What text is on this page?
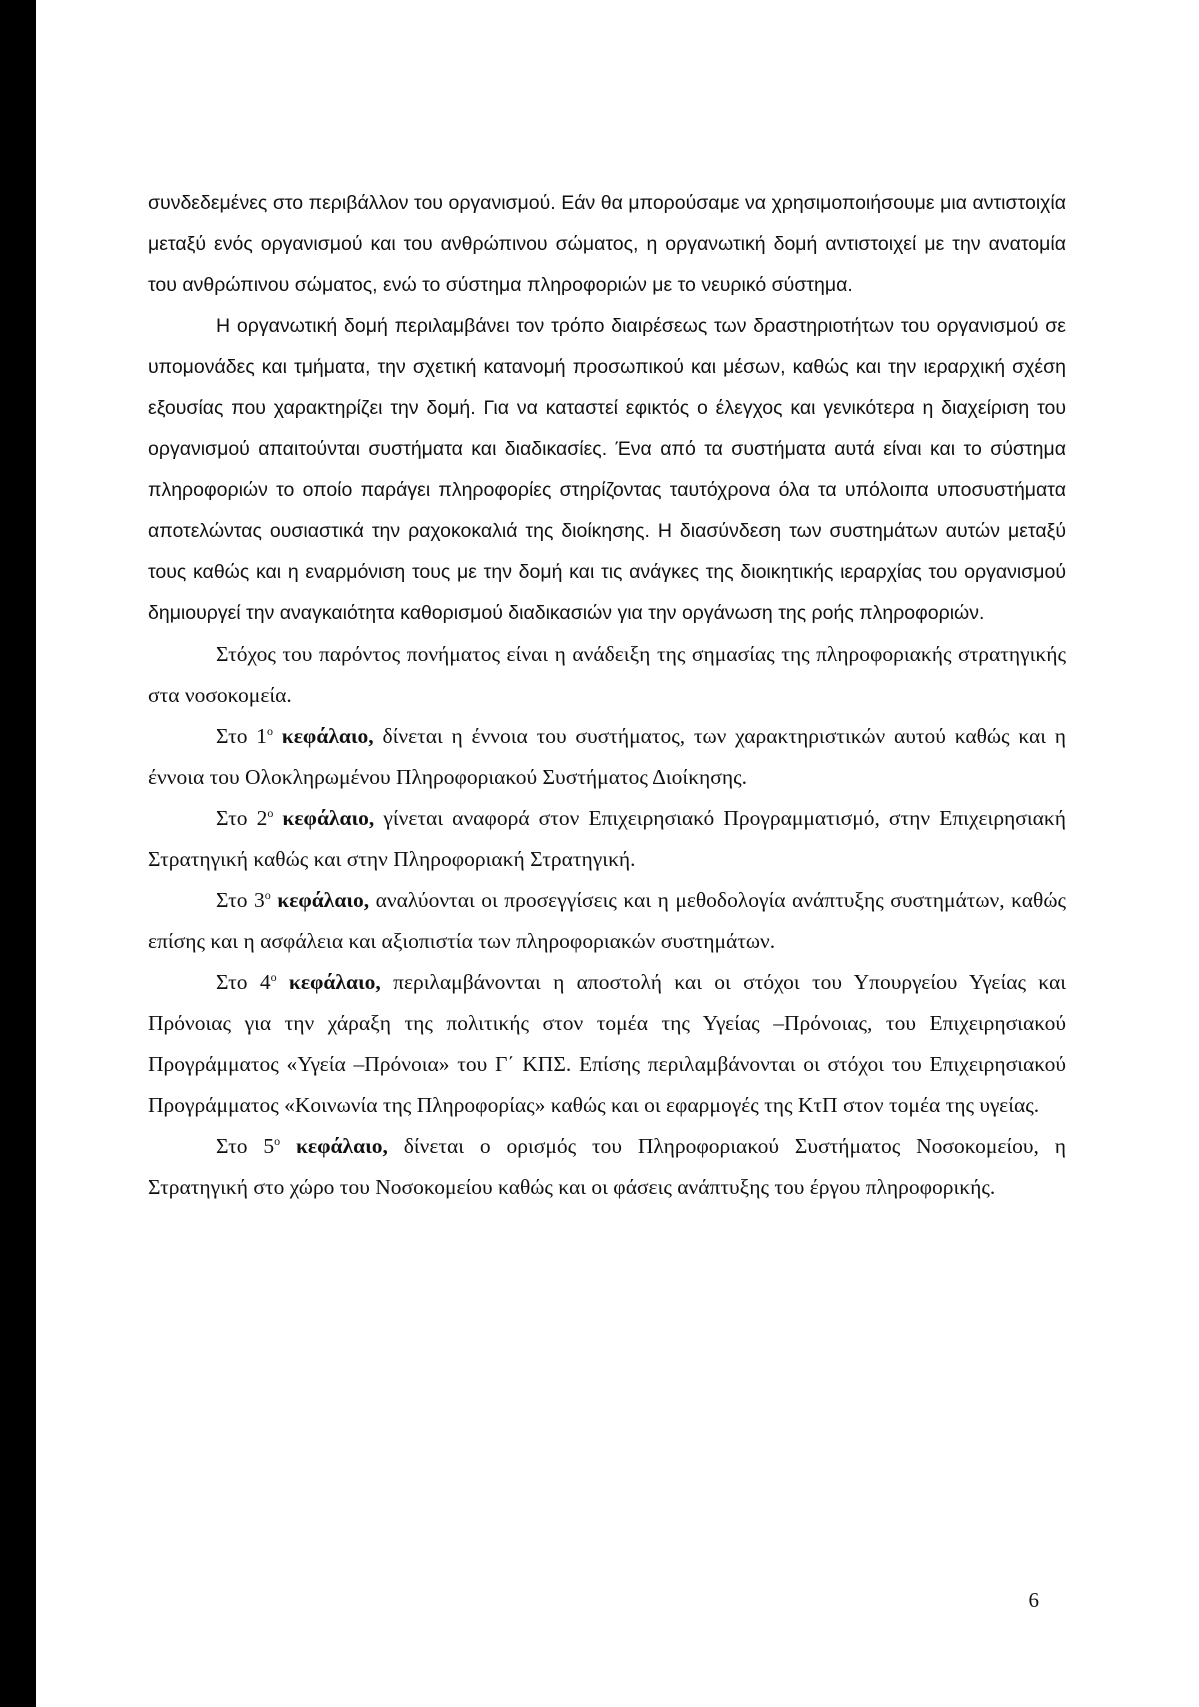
συνδεδεμένες στο περιβάλλον του οργανισμού. Εάν θα μπορούσαμε να χρησιμοποιήσουμε μια αντιστοιχία μεταξύ ενός οργανισμού και του ανθρώπινου σώματος, η οργανωτική δομή αντιστοιχεί με την ανατομία του ανθρώπινου σώματος, ενώ το σύστημα πληροφοριών με το νευρικό σύστημα.

Η οργανωτική δομή περιλαμβάνει τον τρόπο διαιρέσεως των δραστηριοτήτων του οργανισμού σε υπομονάδες και τμήματα, την σχετική κατανομή προσωπικού και μέσων, καθώς και την ιεραρχική σχέση εξουσίας που χαρακτηρίζει την δομή. Για να καταστεί εφικτός ο έλεγχος και γενικότερα η διαχείριση του οργανισμού απαιτούνται συστήματα και διαδικασίες. Ένα από τα συστήματα αυτά είναι και το σύστημα πληροφοριών το οποίο παράγει πληροφορίες στηρίζοντας ταυτόχρονα όλα τα υπόλοιπα υποσυστήματα αποτελώντας ουσιαστικά την ραχοκοκαλιά της διοίκησης. Η διασύνδεση των συστημάτων αυτών μεταξύ τους καθώς και η εναρμόνιση τους με την δομή και τις ανάγκες της διοικητικής ιεραρχίας του οργανισμού δημιουργεί την αναγκαιότητα καθορισμού διαδικασιών για την οργάνωση της ροής πληροφοριών.

Στόχος του παρόντος πονήματος είναι η ανάδειξη της σημασίας της πληροφοριακής στρατηγικής στα νοσοκομεία.

Στο $1^o$ κεφάλαιο, δίνεται η έννοια του συστήματος, των χαρακτηριστικών αυτού καθώς και η έννοια του Ολοκληρωμένου Πληροφοριακού Συστήματος Διοίκησης.

Στο $2^o$ κεφάλαιο, γίνεται αναφορά στον Επιχειρησιακό Προγραμματισμό, στην Επιχειρησιακή Στρατηγική καθώς και στην Πληροφοριακή Στρατηγική.

Στο $3^o$ κεφάλαιο, αναλύονται οι προσεγγίσεις και η μεθοδολογία ανάπτυξης συστημάτων, καθώς επίσης και η ασφάλεια και αξιοπιστία των πληροφοριακών συστημάτων.

Στο $4^o$ κεφάλαιο, περιλαμβάνονται η αποστολή και οι στόχοι του Υπουργείου Υγείας και Πρόνοιας για την χάραξη της πολιτικής στον τομέα της Υγείας –Πρόνοιας, του Επιχειρησιακού Προγράμματος «Υγεία –Πρόνοια» του Γ΄ ΚΠΣ. Επίσης περιλαμβάνονται οι στόχοι του Επιχειρησιακού Προγράμματος «Κοινωνία της Πληροφορίας» καθώς και οι εφαρμογές της ΚτΠ στον τομέα της υγείας.

Στο $5^o$ κεφάλαιο, δίνεται ο ορισμός του Πληροφοριακού Συστήματος Νοσοκομείου, η Στρατηγική στο χώρο του Νοσοκομείου καθώς και οι φάσεις ανάπτυξης του έργου πληροφορικής.

6
